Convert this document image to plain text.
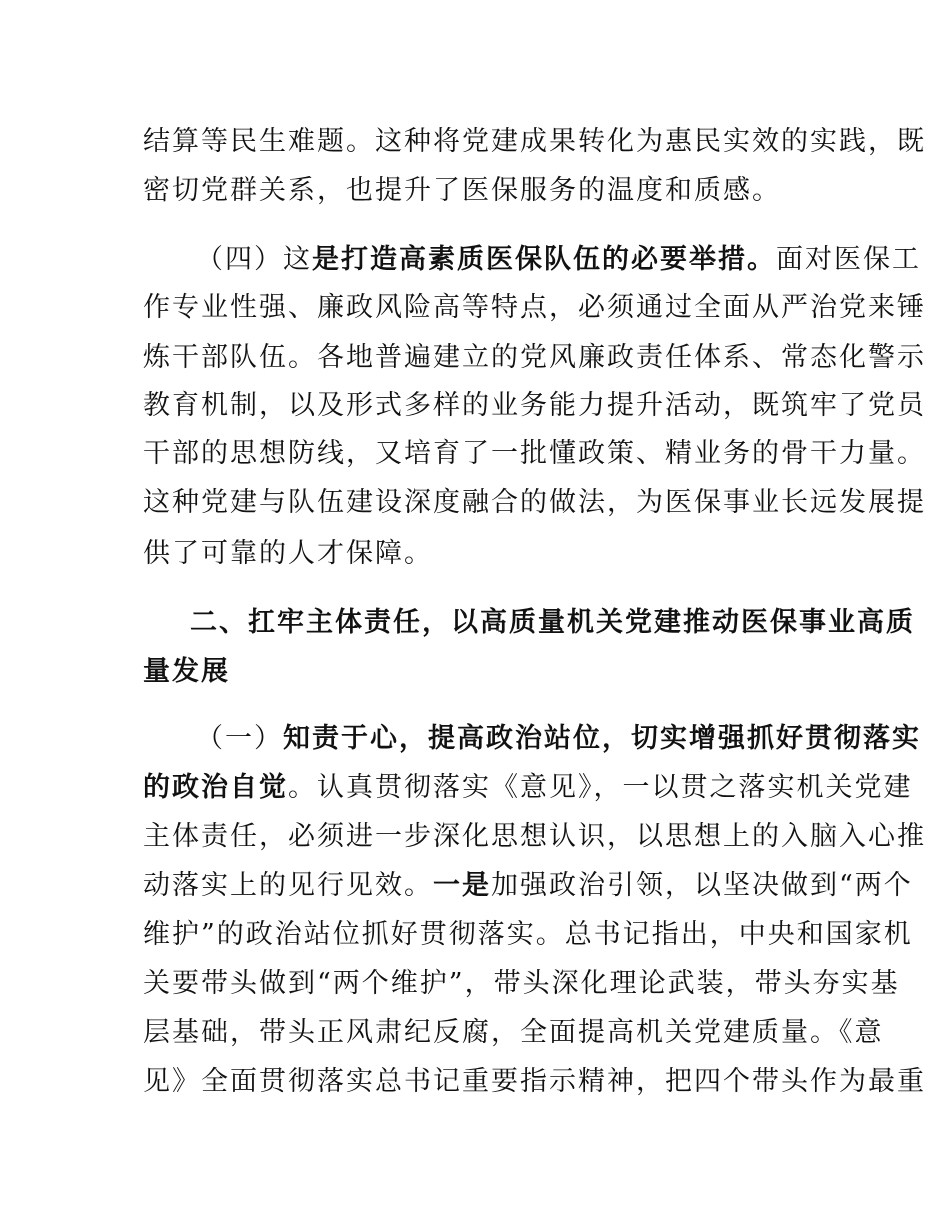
结算等民生难题。这种将党建成果转化为惠民实效的实践，既
密切党群关系，也提升了医保服务的温度和质感。
（四）这是打造高素质医保队伍的必要举措。面对医保工
作专业性强、廉政风险高等特点，必须通过全面从严治党来锤
炼干部队伍。各地普遍建立的党风廉政责任体系、常态化警示
教育机制，以及形式多样的业务能力提升活动，既筑牢了党员
干部的思想防线，又培育了一批懂政策、精业务的骨干力量。
这种党建与队伍建设深度融合的做法，为医保事业长远发展提
供了可靠的人才保障。
二、扛牢主体责任，以高质量机关党建推动医保事业高质
量发展
（一）知责于心，提高政治站位，切实增强抓好贯彻落实
的政治自觉。认真贯彻落实《意见》，一以贯之落实机关党建
主体责任，必须进一步深化思想认识，以思想上的入脑入心推
动落实上的见行见效。一是加强政治引领，以坚决做到“两个
维护”的政治站位抓好贯彻落实。总书记指出，中央和国家机
关要带头做到“两个维护”，带头深化理论武装，带头夯实基
层基础，带头正风肃纪反腐，全面提高机关党建质量。《意
见》全面贯彻落实总书记重要指示精神，把四个带头作为最重
